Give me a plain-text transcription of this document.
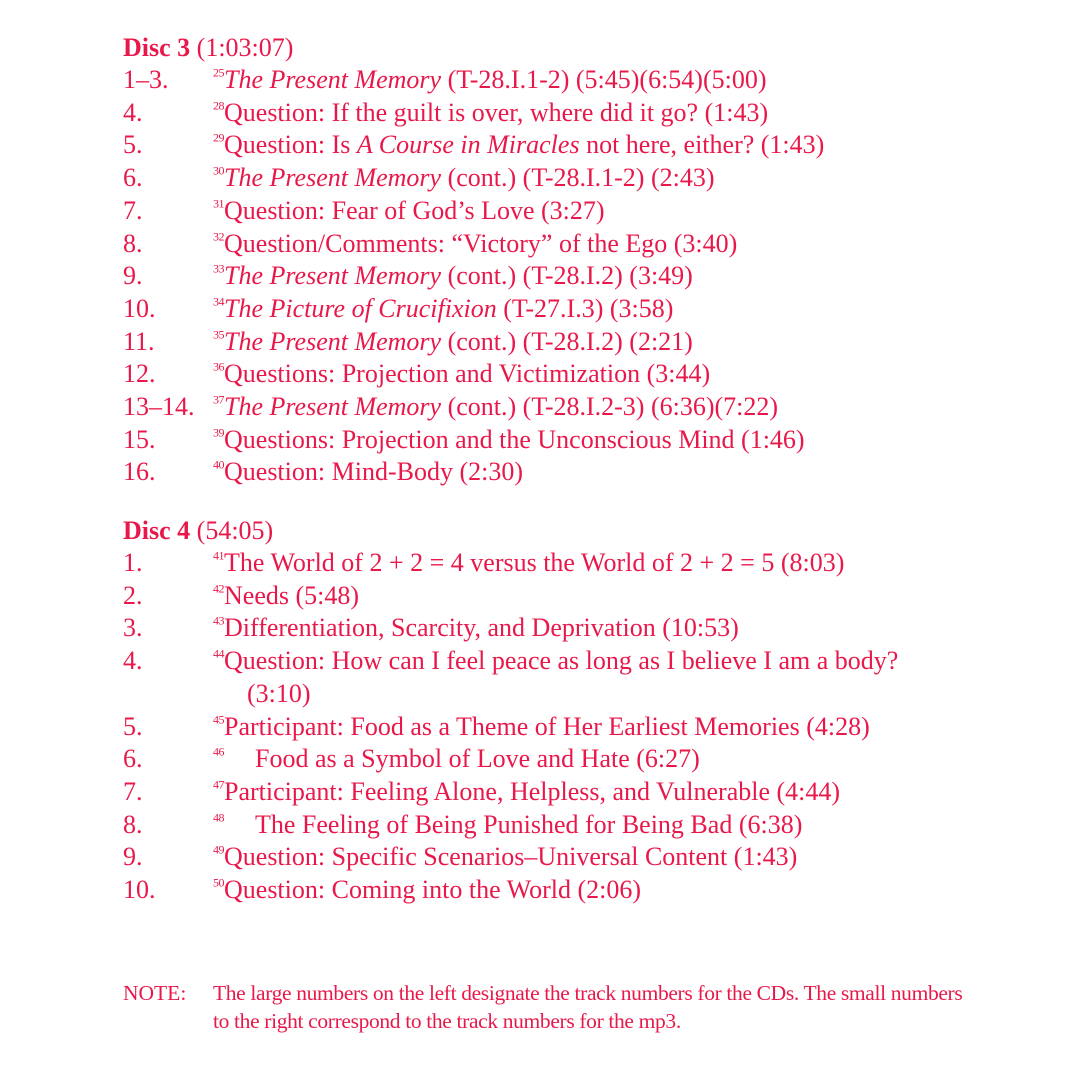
Disc 3 (1:03:07)
1–3.	$^{25}$The Present Memory (T-28.I.1-2) (5:45)(6:54)(5:00)
4.	$^{28}$Question: If the guilt is over, where did it go? (1:43)
5.	$^{29}$Question: Is A Course in Miracles not here, either? (1:43)
6.	$^{30}$The Present Memory (cont.) (T-28.I.1-2) (2:43)
7.	$^{31}$Question: Fear of God’s Love (3:27)
8.	$^{32}$Question/Comments: “Victory” of the Ego (3:40)
9.	$^{33}$The Present Memory (cont.) (T-28.I.2) (3:49)
10.	$^{34}$The Picture of Crucifixion (T-27.I.3) (3:58)
11.	$^{35}$The Present Memory (cont.) (T-28.I.2) (2:21)
12.	$^{36}$Questions: Projection and Victimization (3:44)
13–14. $^{37}$The Present Memory (cont.) (T-28.I.2-3) (6:36)(7:22)
15.	$^{39}$Questions: Projection and the Unconscious Mind (1:46)
16.	$^{40}$Question: Mind-Body (2:30)
Disc 4 (54:05)
1.	$^{41}$The World of 2 + 2 = 4 versus the World of 2 + 2 = 5 (8:03)
2.	$^{42}$Needs (5:48)
3.	$^{43}$Differentiation, Scarcity, and Deprivation (10:53)
4.	$^{44}$Question: How can I feel peace as long as I believe I am a body?
(3:10)
5.	$^{45}$Participant: Food as a Theme of Her Earliest Memories (4:28)
6.	$^{46}$ Food as a Symbol of Love and Hate (6:27)
7.	$^{47}$Participant: Feeling Alone, Helpless, and Vulnerable (4:44)
8.	$^{48}$ The Feeling of Being Punished for Being Bad (6:38)
9.	$^{49}$Question: Specific Scenarios–Universal Content (1:43)
10.	$^{50}$Question: Coming into the World (2:06)
NOTE: The large numbers on the left designate the track numbers for the CDs. The small numbers to the right correspond to the track numbers for the mp3.
